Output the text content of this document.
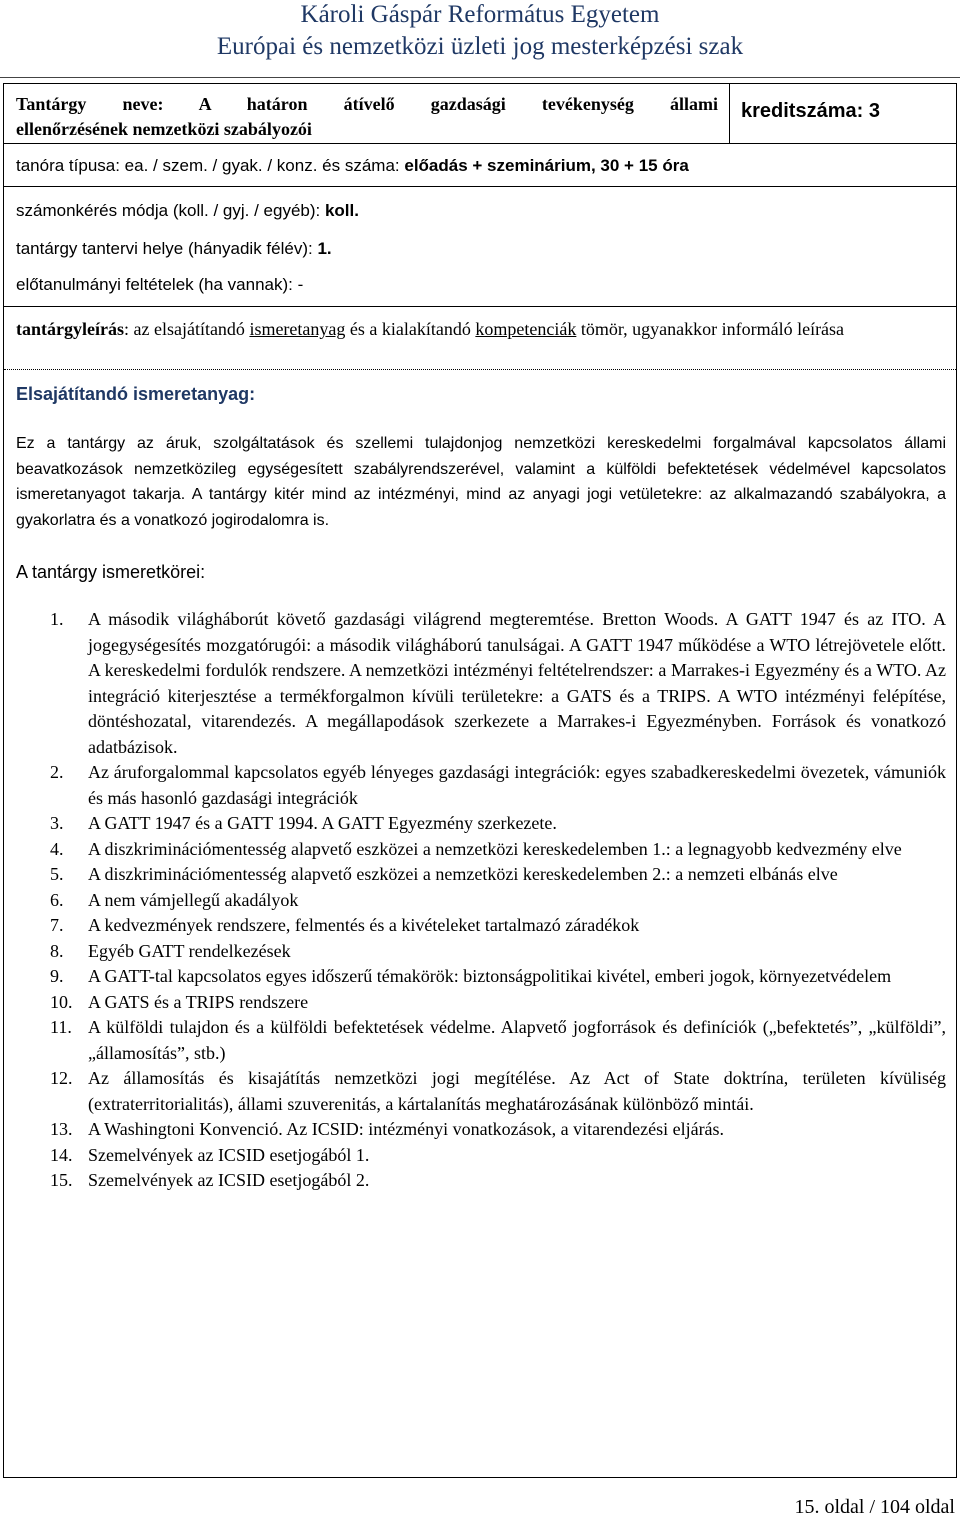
Károli Gáspár Református Egyetem
Európai és nemzetközi üzleti jog mesterképzési szak
Tantárgy neve: A határon átívelő gazdasági tevékenység állami
ellenőrzésének nemzetközi szabályozói
kreditszáma: 3
tanóra típusa: ea. / szem. / gyak. / konz. és száma: előadás + szeminárium, 30 + 15 óra
számonkérés módja (koll. / gyj. / egyéb): koll.
tantárgy tantervi helye (hányadik félév): 1.
előtanulmányi feltételek (ha vannak): -
tantárgyleírás: az elsajátítandó ismeretanyag és a kialakítandó kompetenciák tömör, ugyanakkor informáló leírása
Elsajátítandó ismeretanyag:
Ez a tantárgy az áruk, szolgáltatások és szellemi tulajdonjog nemzetközi kereskedelmi forgalmával kapcsolatos állami beavatkozások nemzetközileg egységesített szabályrendszerével, valamint a külföldi befektetések védelmével kapcsolatos ismeretanyagot takarja. A tantárgy kitér mind az intézményi, mind az anyagi jogi vetületekre: az alkalmazandó szabályokra, a gyakorlatra és a vonatkozó jogirodalomra is.
A tantárgy ismeretkörei:
1. A második világháborút követő gazdasági világrend megteremtése. Bretton Woods. A GATT 1947 és az ITO. A jogegységesítés mozgatórugói: a második világháború tanulságai. A GATT 1947 működése a WTO létrejövetele előtt. A kereskedelmi fordulók rendszere. A nemzetközi intézményi feltételrendszer: a Marrakes-i Egyezmény és a WTO. Az integráció kiterjesztése a termékforgalmon kívüli területekre: a GATS és a TRIPS. A WTO intézményi felépítése, döntéshozatal, vitarendezés. A megállapodások szerkezete a Marrakes-i Egyezményben. Források és vonatkozó adatbázisok.
2. Az áruforgalommal kapcsolatos egyéb lényeges gazdasági integrációk: egyes szabadkereskedelmi övezetek, vámuniók és más hasonló gazdasági integrációk
3. A GATT 1947 és a GATT 1994. A GATT Egyezmény szerkezete.
4. A diszkriminációmentesség alapvető eszközei a nemzetközi kereskedelemben 1.: a legnagyobb kedvezmény elve
5. A diszkriminációmentesség alapvető eszközei a nemzetközi kereskedelemben 2.: a nemzeti elbánás elve
6. A nem vámjellegű akadályok
7. A kedvezmények rendszere, felmentés és a kivételeket tartalmazó záradékok
8. Egyéb GATT rendelkezések
9. A GATT-tal kapcsolatos egyes időszerű témakörök: biztonságpolitikai kivétel, emberi jogok, környezetvédelem
10. A GATS és a TRIPS rendszere
11. A külföldi tulajdon és a külföldi befektetések védelme. Alapvető jogforrások és definíciók („befektetés”, „külföldi”, „államosítás”, stb.)
12. Az államosítás és kisajátítás nemzetközi jogi megítélése. Az Act of State doktrína, területen kívüliség (extraterritorialitás), állami szuverenitás, a kártalanítás meghatározásának különböző mintái.
13. A Washingtoni Konvenció. Az ICSID: intézményi vonatkozások, a vitarendezési eljárás.
14. Szemelvények az ICSID esetjogából 1.
15. Szemelvények az ICSID esetjogából 2.
15. oldal / 104 oldal
